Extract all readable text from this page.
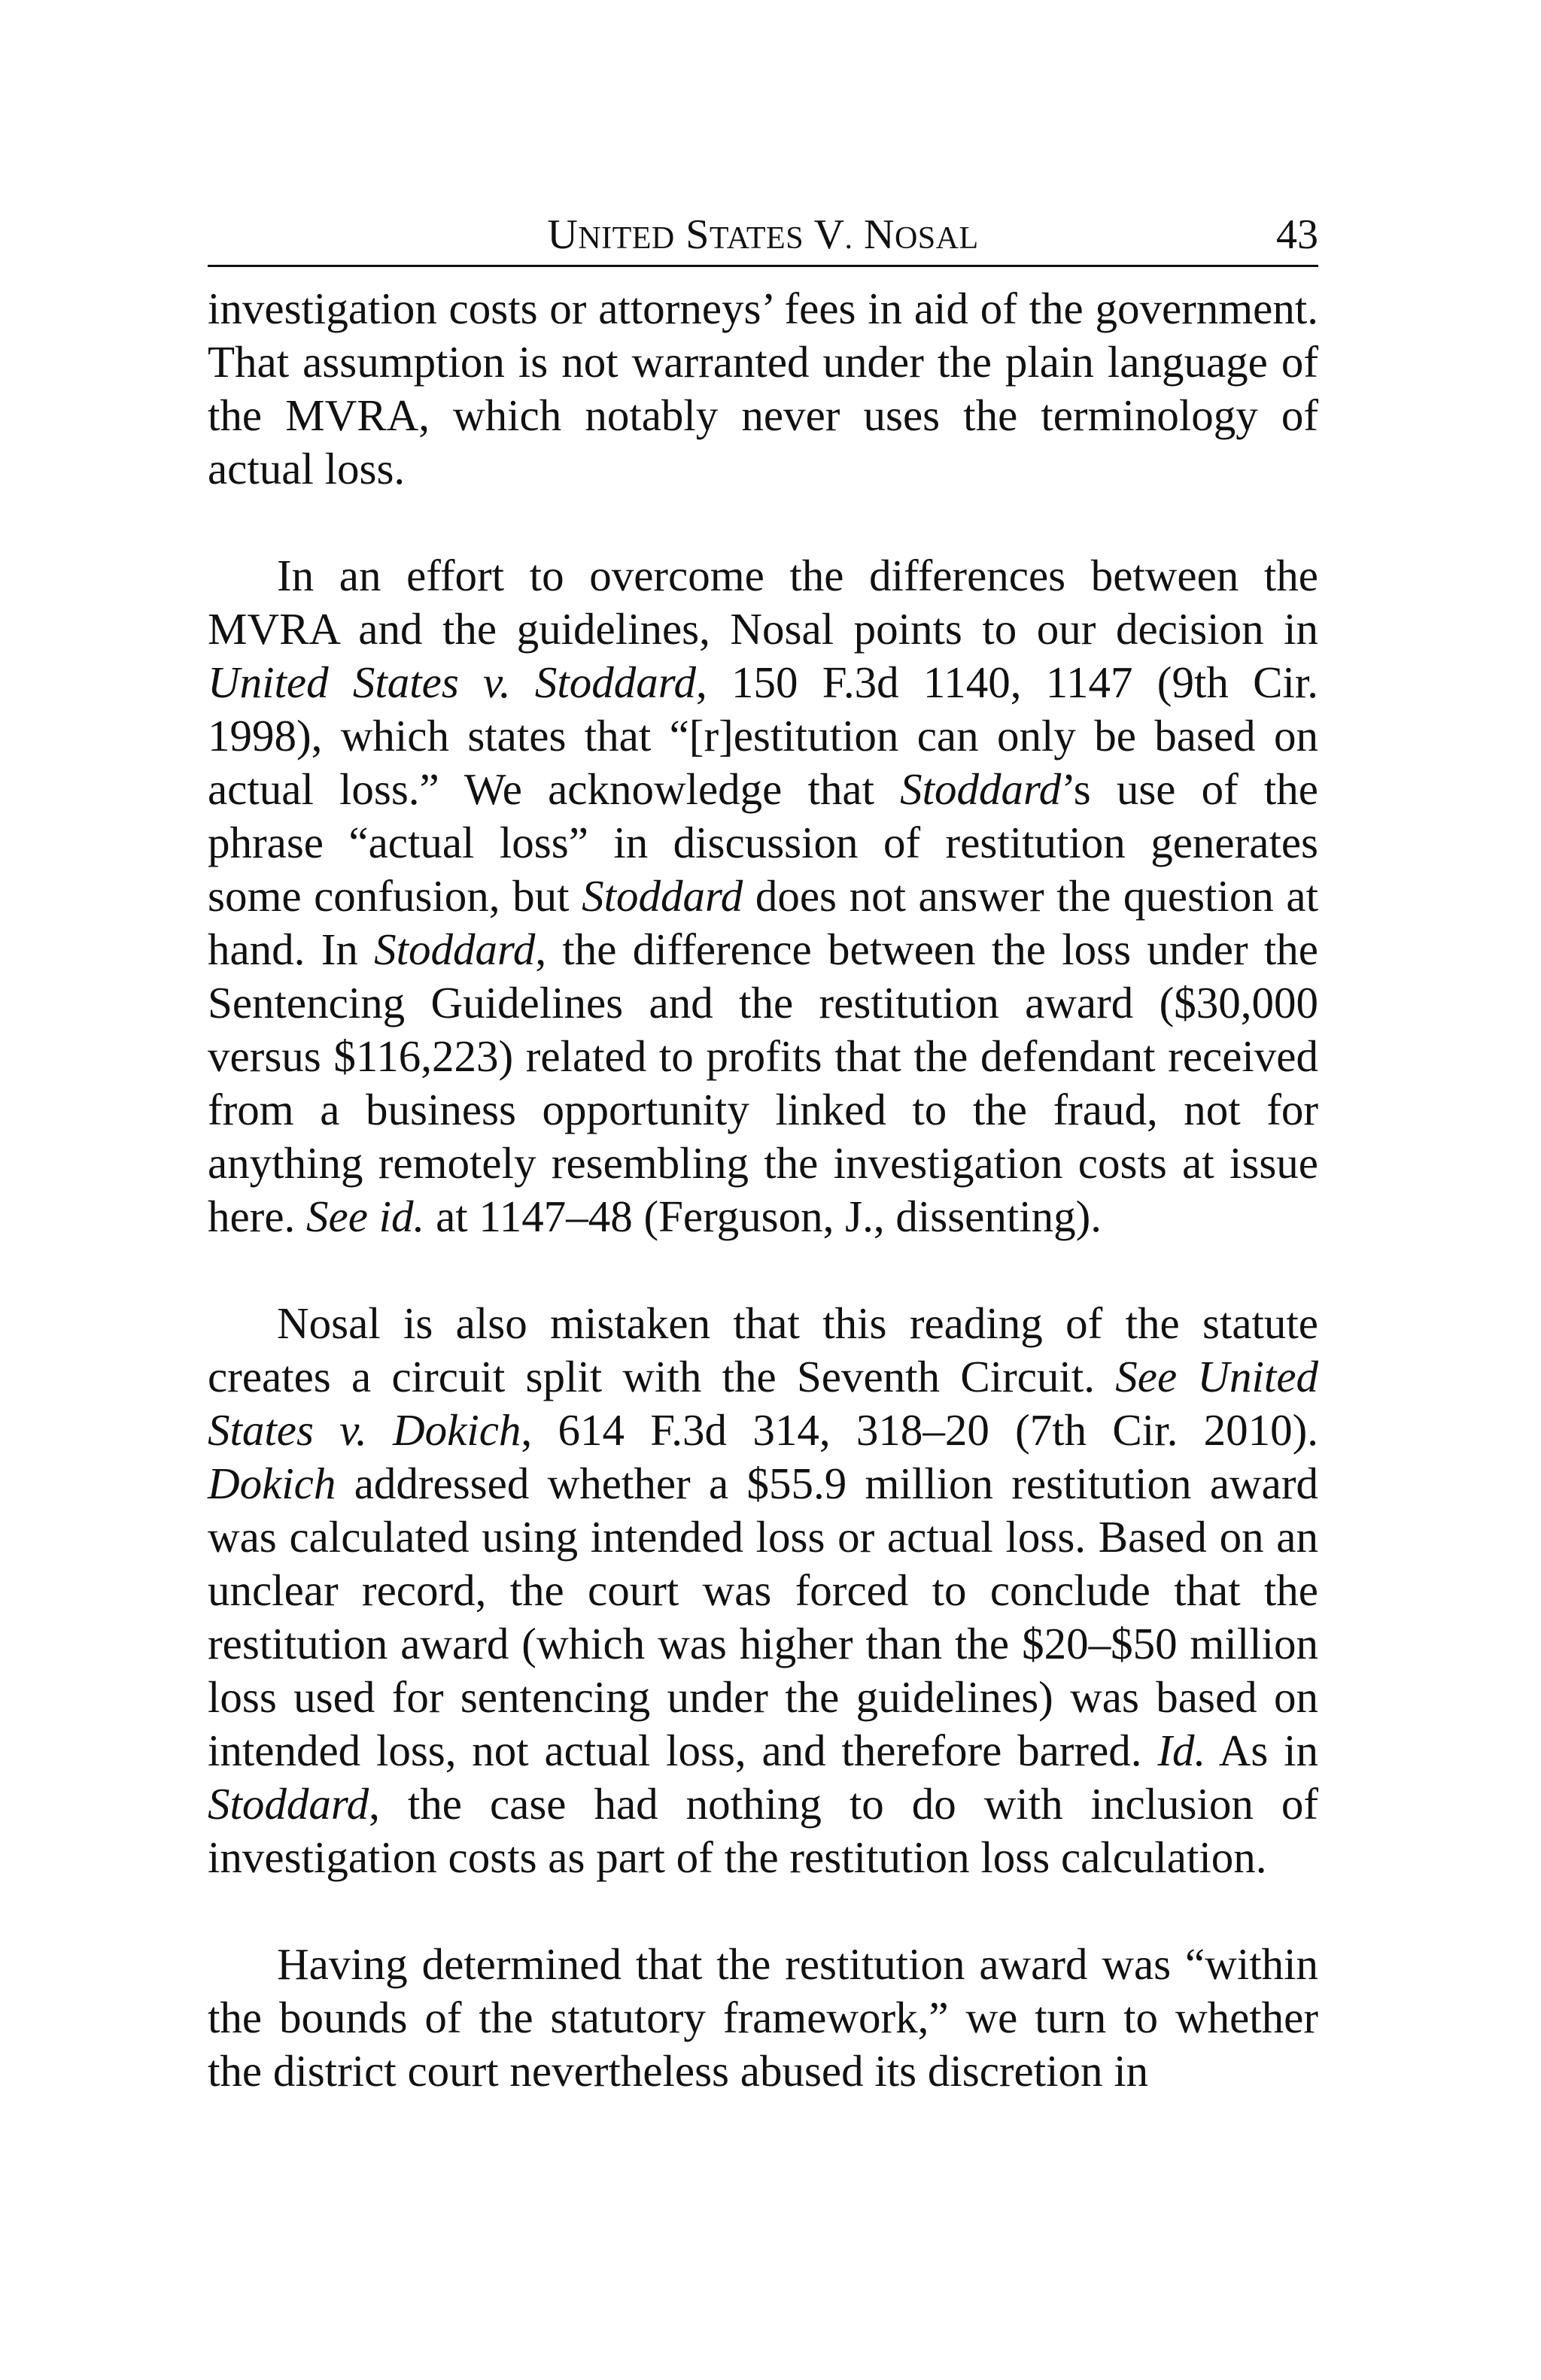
UNITED STATES V. NOSAL	43

investigation costs or attorneys’ fees in aid of the government. That assumption is not warranted under the plain language of the MVRA, which notably never uses the terminology of actual loss.

In an effort to overcome the differences between the MVRA and the guidelines, Nosal points to our decision in United States v. Stoddard, 150 F.3d 1140, 1147 (9th Cir. 1998), which states that “[r]estitution can only be based on actual loss.” We acknowledge that Stoddard’s use of the phrase “actual loss” in discussion of restitution generates some confusion, but Stoddard does not answer the question at hand. In Stoddard, the difference between the loss under the Sentencing Guidelines and the restitution award ($30,000 versus $116,223) related to profits that the defendant received from a business opportunity linked to the fraud, not for anything remotely resembling the investigation costs at issue here. See id. at 1147–48 (Ferguson, J., dissenting).

Nosal is also mistaken that this reading of the statute creates a circuit split with the Seventh Circuit. See United States v. Dokich, 614 F.3d 314, 318–20 (7th Cir. 2010). Dokich addressed whether a $55.9 million restitution award was calculated using intended loss or actual loss. Based on an unclear record, the court was forced to conclude that the restitution award (which was higher than the $20–$50 million loss used for sentencing under the guidelines) was based on intended loss, not actual loss, and therefore barred. Id. As in Stoddard, the case had nothing to do with inclusion of investigation costs as part of the restitution loss calculation.

Having determined that the restitution award was “within the bounds of the statutory framework,” we turn to whether the district court nevertheless abused its discretion in
